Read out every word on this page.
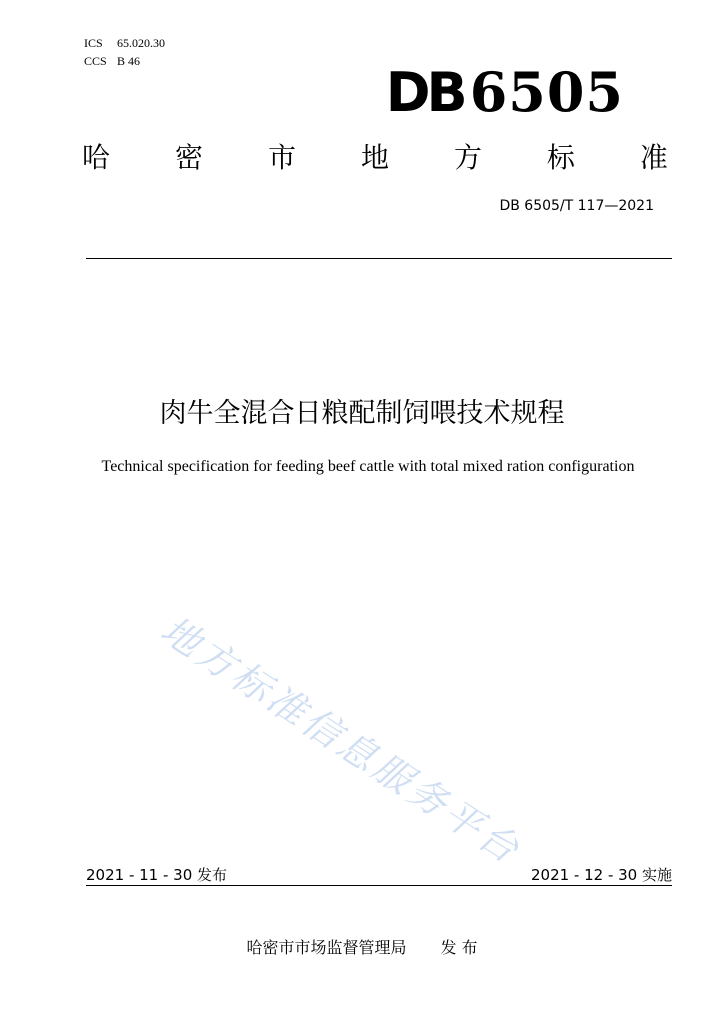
ICS 65.020.30
CCS B 46	DB 6505
哈 密 市 地 方 标 准
DB 6505/T 117—2021
肉牛全混合日粮配制饲喂技术规程
Technical specification for feeding beef cattle with total mixed ration configuration
地方标准信息服务平台
2021 - 11 - 30 发布	2021 - 12 - 30 实施
哈密市市场监督管理局 发 布
